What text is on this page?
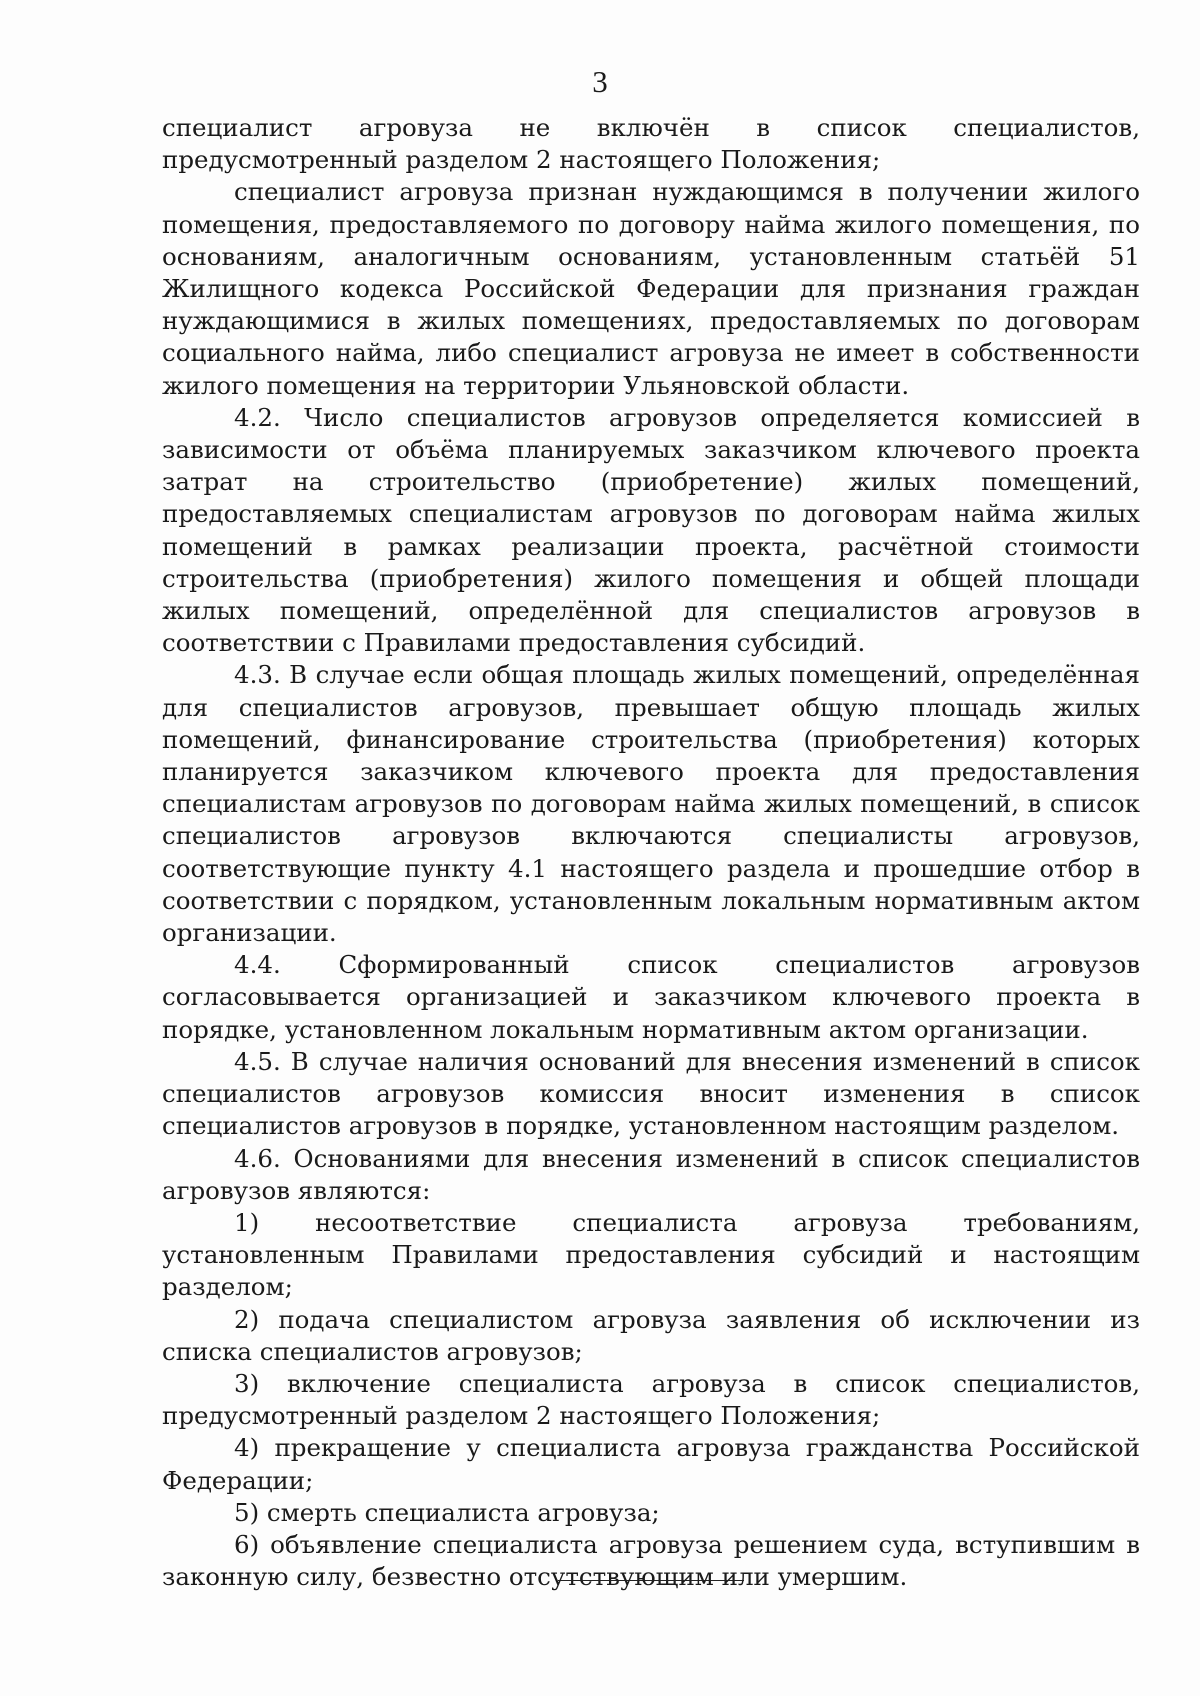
3

специалист агровуза не включён в список специалистов, предусмотренный разделом 2 настоящего Положения;

специалист агровуза признан нуждающимся в получении жилого помещения, предоставляемого по договору найма жилого помещения, по основаниям, аналогичным основаниям, установленным статьёй 51 Жилищного кодекса Российской Федерации для признания граждан нуждающимися в жилых помещениях, предоставляемых по договорам социального найма, либо специалист агровуза не имеет в собственности жилого помещения на территории Ульяновской области.

4.2. Число специалистов агровузов определяется комиссией в зависимости от объёма планируемых заказчиком ключевого проекта затрат на строительство (приобретение) жилых помещений, предоставляемых специалистам агровузов по договорам найма жилых помещений в рамках реализации проекта, расчётной стоимости строительства (приобретения) жилого помещения и общей площади жилых помещений, определённой для специалистов агровузов в соответствии с Правилами предоставления субсидий.

4.3. В случае если общая площадь жилых помещений, определённая для специалистов агровузов, превышает общую площадь жилых помещений, финансирование строительства (приобретения) которых планируется заказчиком ключевого проекта для предоставления специалистам агровузов по договорам найма жилых помещений, в список специалистов агровузов включаются специалисты агровузов, соответствующие пункту 4.1 настоящего раздела и прошедшие отбор в соответствии с порядком, установленным локальным нормативным актом организации.

4.4. Сформированный список специалистов агровузов согласовывается организацией и заказчиком ключевого проекта в порядке, установленном локальным нормативным актом организации.

4.5. В случае наличия оснований для внесения изменений в список специалистов агровузов комиссия вносит изменения в список специалистов агровузов в порядке, установленном настоящим разделом.

4.6. Основаниями для внесения изменений в список специалистов агровузов являются:

1) несоответствие специалиста агровуза требованиям, установленным Правилами предоставления субсидий и настоящим разделом;

2) подача специалистом агровуза заявления об исключении из списка специалистов агровузов;

3) включение специалиста агровуза в список специалистов, предусмотренный разделом 2 настоящего Положения;

4) прекращение у специалиста агровуза гражданства Российской Федерации;

5) смерть специалиста агровуза;

6) объявление специалиста агровуза решением суда, вступившим в законную силу, безвестно отсутствующим или умершим.
